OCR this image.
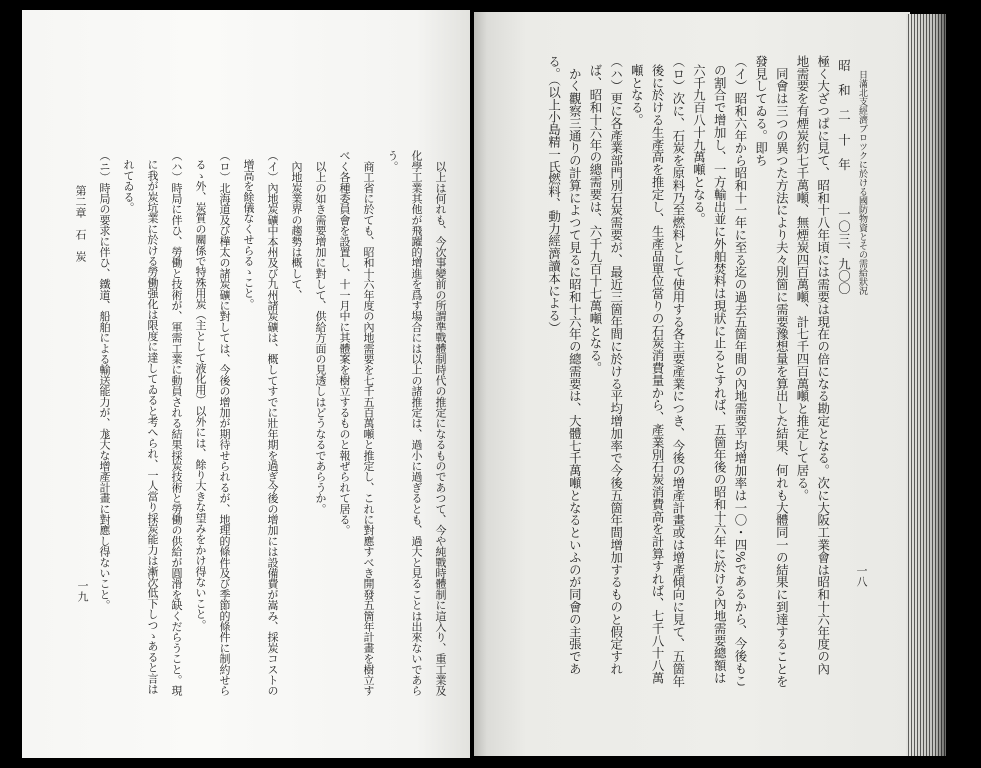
　以上は何れも、今次事變前の所謂準戰體制時代の推定になるものであつて、今や純戰時體制に這入り、重工業及
化學工業其他が飛躍的增進を爲す場合には以上の諸推定は、過小に過ぎるとも、過大と見ることは出來ないであら
う。
　商工省に於ても、昭和十六年度の內地需要を七千五百萬噸と推定し、これに對應すべき開發五箇年計畫を樹立す
べく各種委員會を設置し、十一月中に其體案を樹立するものと報ぜられて居る。
　以上の如き需要增加に對して、供給方面の見透しはどうなるであらうか。
　內地炭業界の趨勢は概して、
（イ）內地炭礦中本州及び九州諸炭礦は、概してすでに壯年期を過ぎ今後の增加には設備費が嵩み、採炭コストの
增高を餘儀なくせらるゝこと。
（ロ）北海道及び樺太の諸炭礦に對しては、今後の增加が期待せられるが、地理的條件及び季節的條件に制約せら
るゝ外、炭質の關係で特殊用炭（主として液化用）以外には、餘り大きな望みをかけ得ないこと。
（ハ）時局に伴ひ、勞働と技術が、軍需工業に動員される結果採炭技術と勞働の供給が圓滑を缺くだらうこと。現
に我が炭坑業に於ける勞働强化は限度に達してゐると考へられ、一人當り採炭能力は漸次低下しつゝあると言は
れてゐる。
（ニ）時局の要求に伴ひ、鐵道、船舶による輸送能力が、尨大な增產計畫に對應し得ないこと。
第二章　石　炭
一九
日滿北支經濟ブロツクに於ける國防物資とその需給狀況
一八
昭　和　二　十　年　　　一〇三、九〇〇
極く大ざつぱに見て、昭和十八年頃には需要は現在の倍になる勘定となる。次に大阪工業會は昭和十六年度の內
地需要を有煙炭約七千萬噸、無煙炭四百萬噸、計七千四百萬噸と推定して居る。
　同會は三つの異つた方法により夫々別箇に需要豫想量を算出した結果、何れも大體同一の結果に到達することを
發見してゐる。即ち
（イ）昭和六年から昭和十一年に至る迄の過去五箇年間の內地需要平均增加率は一〇・四%であるから、今後もこ
の割合で增加し、一方輸出並に外舶焚料は現狀に止るとすれば、五箇年後の昭和十六年に於ける內地需要總額は
六千九百八十九萬噸となる。
（ロ）次に、石炭を原料乃至燃料として使用する各主要產業につき、今後の增產計畫或は增產傾向に見て、五箇年
後に於ける生產高を推定し、生產品單位當りの石炭消費量から、產業別石炭消費高を計算すれば、七千八十八萬
噸となる。
（ハ）更に各產業部門別石炭需要が、最近三箇年間に於ける平均增加率で今後五箇年間增加するものと假定すれ
ば、昭和十六年の總需要は、六千九百十七萬噸となる。
　かく觀察三通りの計算によつて見るに昭和十六年の總需要は、大體七千萬噸となるといふのが同會の主張であ
る。（以上小島精一氏燃料、動力經濟讀本による）
